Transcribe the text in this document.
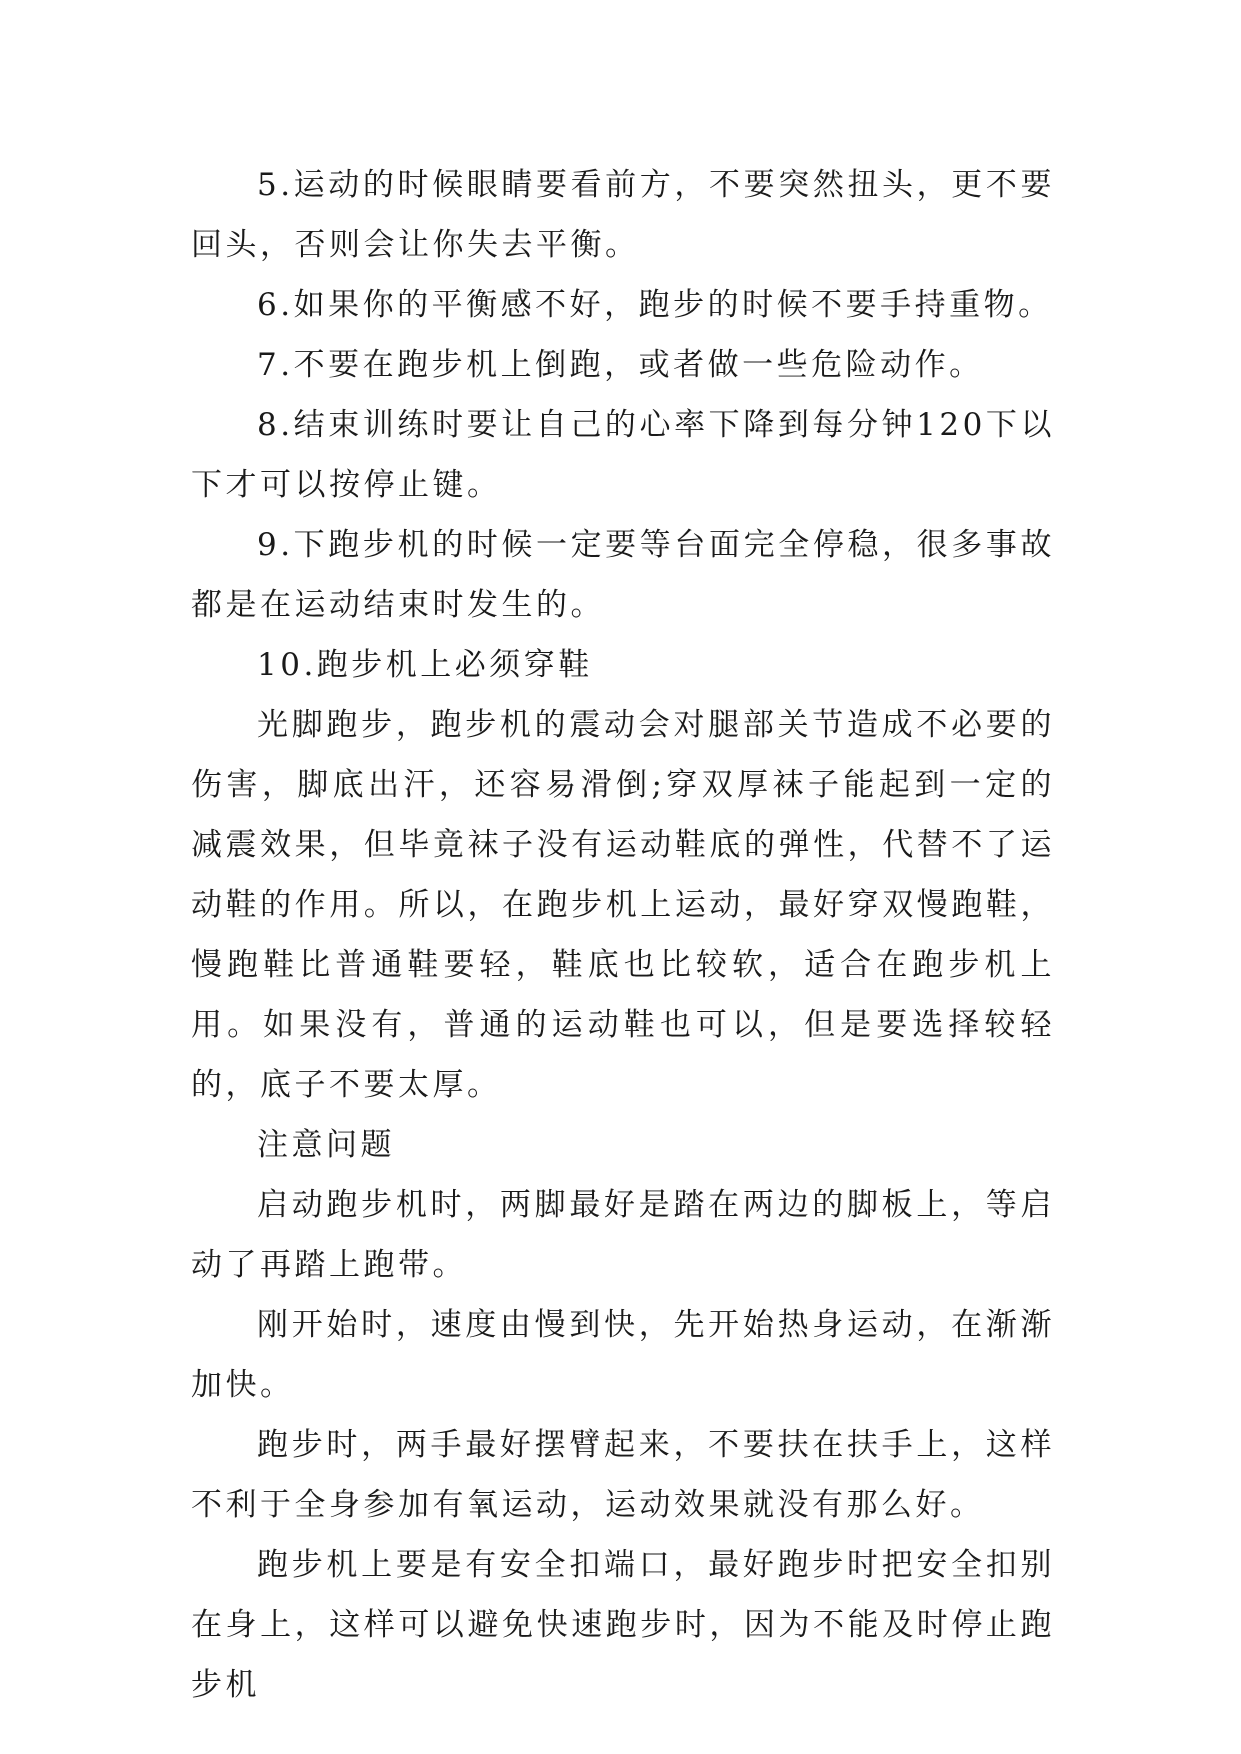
5.运动的时候眼睛要看前方，不要突然扭头，更不要回头，否则会让你失去平衡。

6.如果你的平衡感不好，跑步的时候不要手持重物。

7.不要在跑步机上倒跑，或者做一些危险动作。

8.结束训练时要让自己的心率下降到每分钟120下以下才可以按停止键。

9.下跑步机的时候一定要等台面完全停稳，很多事故都是在运动结束时发生的。

10.跑步机上必须穿鞋

光脚跑步，跑步机的震动会对腿部关节造成不必要的伤害，脚底出汗，还容易滑倒;穿双厚袜子能起到一定的减震效果，但毕竟袜子没有运动鞋底的弹性，代替不了运动鞋的作用。所以，在跑步机上运动，最好穿双慢跑鞋，慢跑鞋比普通鞋要轻，鞋底也比较软，适合在跑步机上用。如果没有，普通的运动鞋也可以，但是要选择较轻的，底子不要太厚。

注意问题

启动跑步机时，两脚最好是踏在两边的脚板上，等启动了再踏上跑带。

刚开始时，速度由慢到快，先开始热身运动，在渐渐加快。

跑步时，两手最好摆臂起来，不要扶在扶手上，这样不利于全身参加有氧运动，运动效果就没有那么好。

跑步机上要是有安全扣端口，最好跑步时把安全扣别在身上，这样可以避免快速跑步时，因为不能及时停止跑步机
